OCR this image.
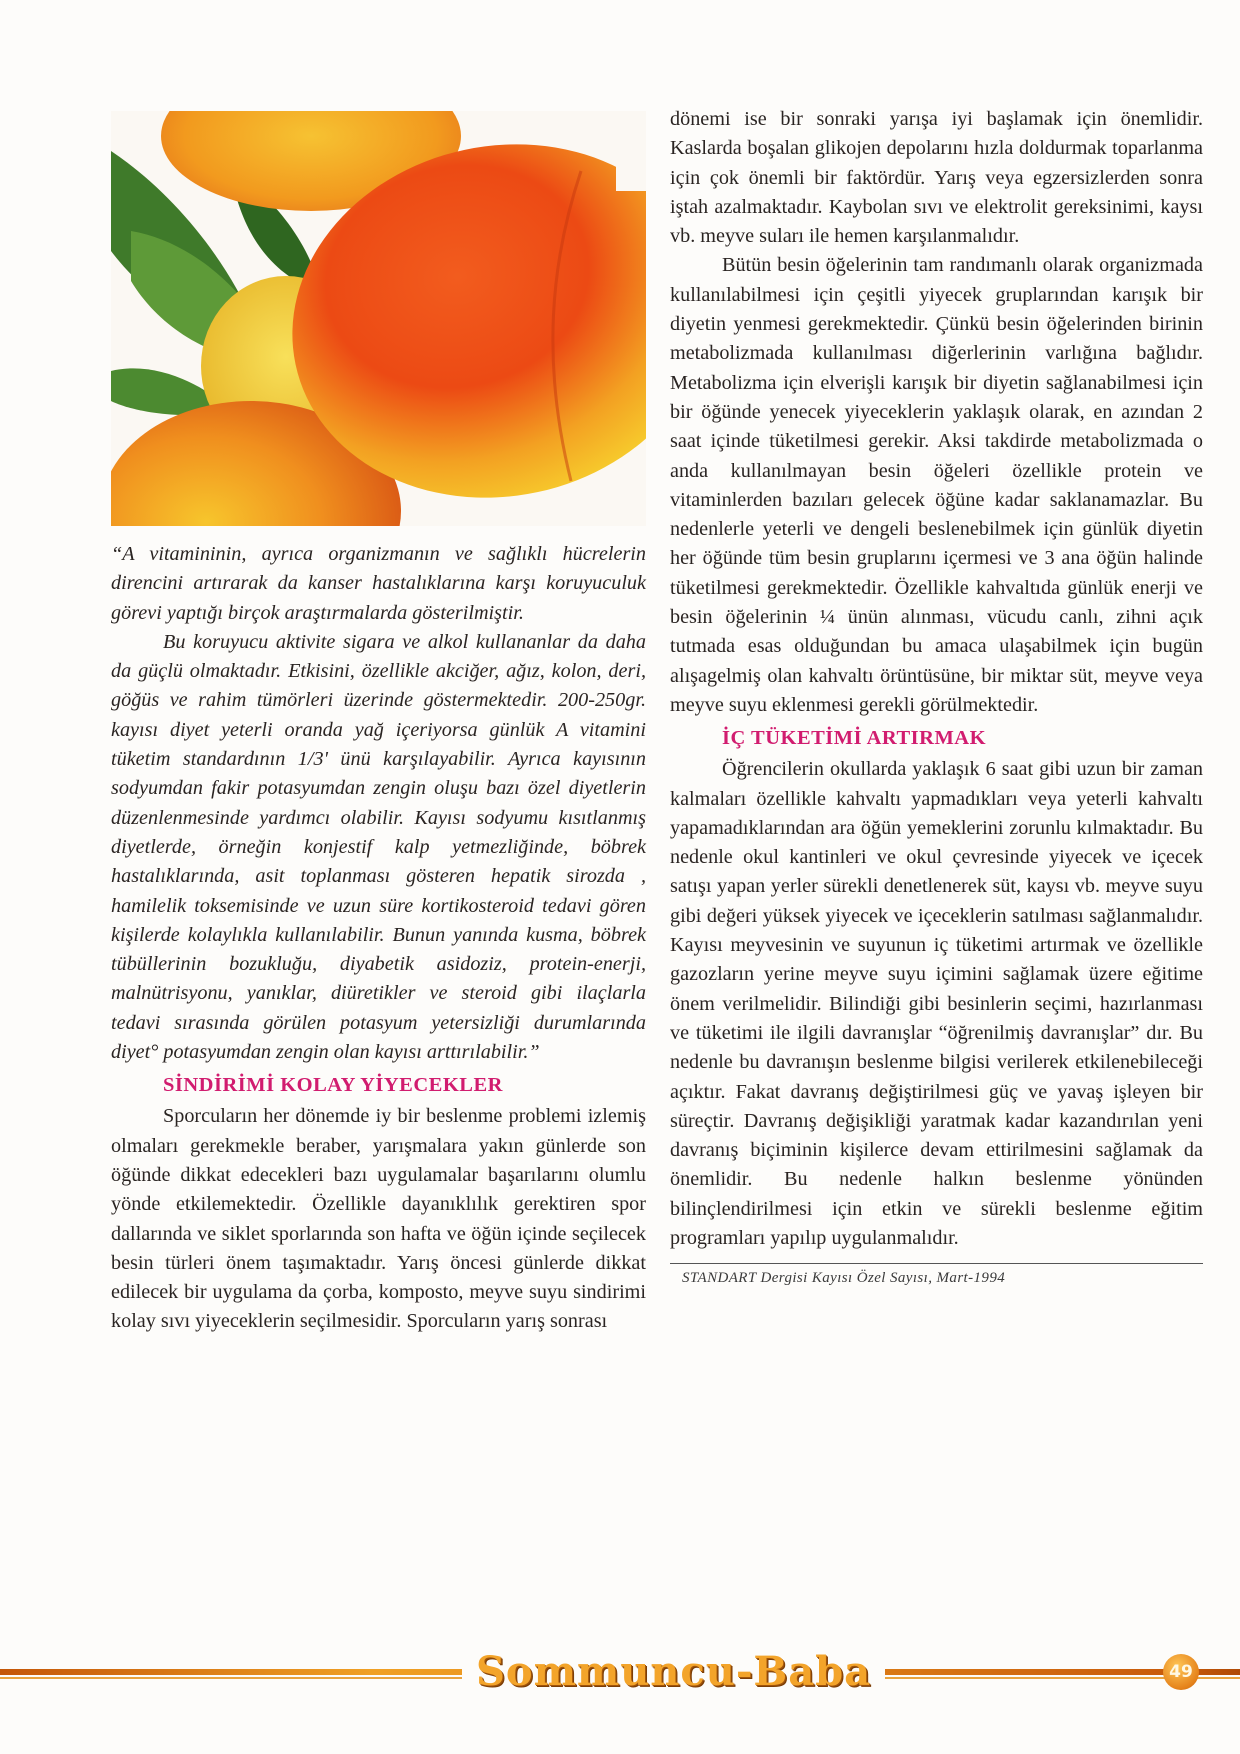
“A vitamininin, ayrıca organizmanın ve sağlıklı hücrelerin direncini artırarak da kanser hastalıklarına karşı koruyuculuk görevi yaptığı birçok araştırmalarda gösterilmiştir.

Bu koruyucu aktivite sigara ve alkol kullananlar da daha da güçlü olmaktadır. Etkisini, özellikle akciğer, ağız, kolon, deri, göğüs ve rahim tümörleri üzerinde göstermektedir. 200-250gr. kayısı diyet yeterli oranda yağ içeriyorsa günlük A vitamini tüketim standardının 1/3' ünü karşılayabilir. Ayrıca kayısının sodyumdan fakir potasyumdan zengin oluşu bazı özel diyetlerin düzenlenmesinde yardımcı olabilir. Kayısı sodyumu kısıtlanmış diyetlerde, örneğin konjestif kalp yetmezliğinde, böbrek hastalıklarında, asit toplanması gösteren hepatik sirozda , hamilelik toksemisinde ve uzun süre kortikosteroid tedavi gören kişilerde kolaylıkla kullanılabilir. Bunun yanında kusma, böbrek tübüllerinin bozukluğu, diyabetik asidoziz, protein-enerji, malnütrisyonu, yanıklar, diüretikler ve steroid gibi ilaçlarla tedavi sırasında görülen potasyum yetersizliği durumlarında diyet° potasyumdan zengin olan kayısı arttırılabilir.”

SİNDİRİMİ KOLAY YİYECEKLER

Sporcuların her dönemde iy bir beslenme problemi izlemiş olmaları gerekmekle beraber, yarışmalara yakın günlerde son öğünde dikkat edecekleri bazı uygulamalar başarılarını olumlu yönde etkilemektedir. Özellikle dayanıklılık gerektiren spor dallarında ve siklet sporlarında son hafta ve öğün içinde seçilecek besin türleri önem taşımaktadır. Yarış öncesi günlerde dikkat edilecek bir uygulama da çorba, komposto, meyve suyu sindirimi kolay sıvı yiyeceklerin seçilmesidir. Sporcuların yarış sonrası

dönemi ise bir sonraki yarışa iyi başlamak için önemlidir. Kaslarda boşalan glikojen depolarını hızla doldurmak toparlanma için çok önemli bir faktördür. Yarış veya egzersizlerden sonra iştah azalmaktadır. Kaybolan sıvı ve elektrolit gereksinimi, kaysı vb. meyve suları ile hemen karşılanmalıdır.

Bütün besin öğelerinin tam randımanlı olarak organizmada kullanılabilmesi için çeşitli yiyecek gruplarından karışık bir diyetin yenmesi gerekmektedir. Çünkü besin öğelerinden birinin metabolizmada kullanılması diğerlerinin varlığına bağlıdır. Metabolizma için elverişli karışık bir diyetin sağlanabilmesi için bir öğünde yenecek yiyeceklerin yaklaşık olarak, en azından 2 saat içinde tüketilmesi gerekir. Aksi takdirde metabolizmada o anda kullanılmayan besin öğeleri özellikle protein ve vitaminlerden bazıları gelecek öğüne kadar saklanamazlar. Bu nedenlerle yeterli ve dengeli beslenebilmek için günlük diyetin her öğünde tüm besin gruplarını içermesi ve 3 ana öğün halinde tüketilmesi gerekmektedir. Özellikle kahvaltıda günlük enerji ve besin öğelerinin ¼ ünün alınması, vücudu canlı, zihni açık tutmada esas olduğundan bu amaca ulaşabilmek için bugün alışagelmiş olan kahvaltı örüntüsüne, bir miktar süt, meyve veya meyve suyu eklenmesi gerekli görülmektedir.

İÇ TÜKETİMİ ARTIRMAK

Öğrencilerin okullarda yaklaşık 6 saat gibi uzun bir zaman kalmaları özellikle kahvaltı yapmadıkları veya yeterli kahvaltı yapamadıklarından ara öğün yemeklerini zorunlu kılmaktadır. Bu nedenle okul kantinleri ve okul çevresinde yiyecek ve içecek satışı yapan yerler sürekli denetlenerek süt, kaysı vb. meyve suyu gibi değeri yüksek yiyecek ve içeceklerin satılması sağlanmalıdır. Kayısı meyvesinin ve suyunun iç tüketimi artırmak ve özellikle gazozların yerine meyve suyu içimini sağlamak üzere eğitime önem verilmelidir. Bilindiği gibi besinlerin seçimi, hazırlanması ve tüketimi ile ilgili davranışlar “öğrenilmiş davranışlar” dır. Bu nedenle bu davranışın beslenme bilgisi verilerek etkilenebileceği açıktır. Fakat davranış değiştirilmesi güç ve yavaş işleyen bir süreçtir. Davranış değişikliği yaratmak kadar kazandırılan yeni davranış biçiminin kişilerce devam ettirilmesini sağlamak da önemlidir. Bu nedenle halkın beslenme yönünden bilinçlendirilmesi için etkin ve sürekli beslenme eğitim programları yapılıp uygulanmalıdır.

STANDART Dergisi Kayısı Özel Sayısı, Mart-1994
Sommuncu-Baba	49
